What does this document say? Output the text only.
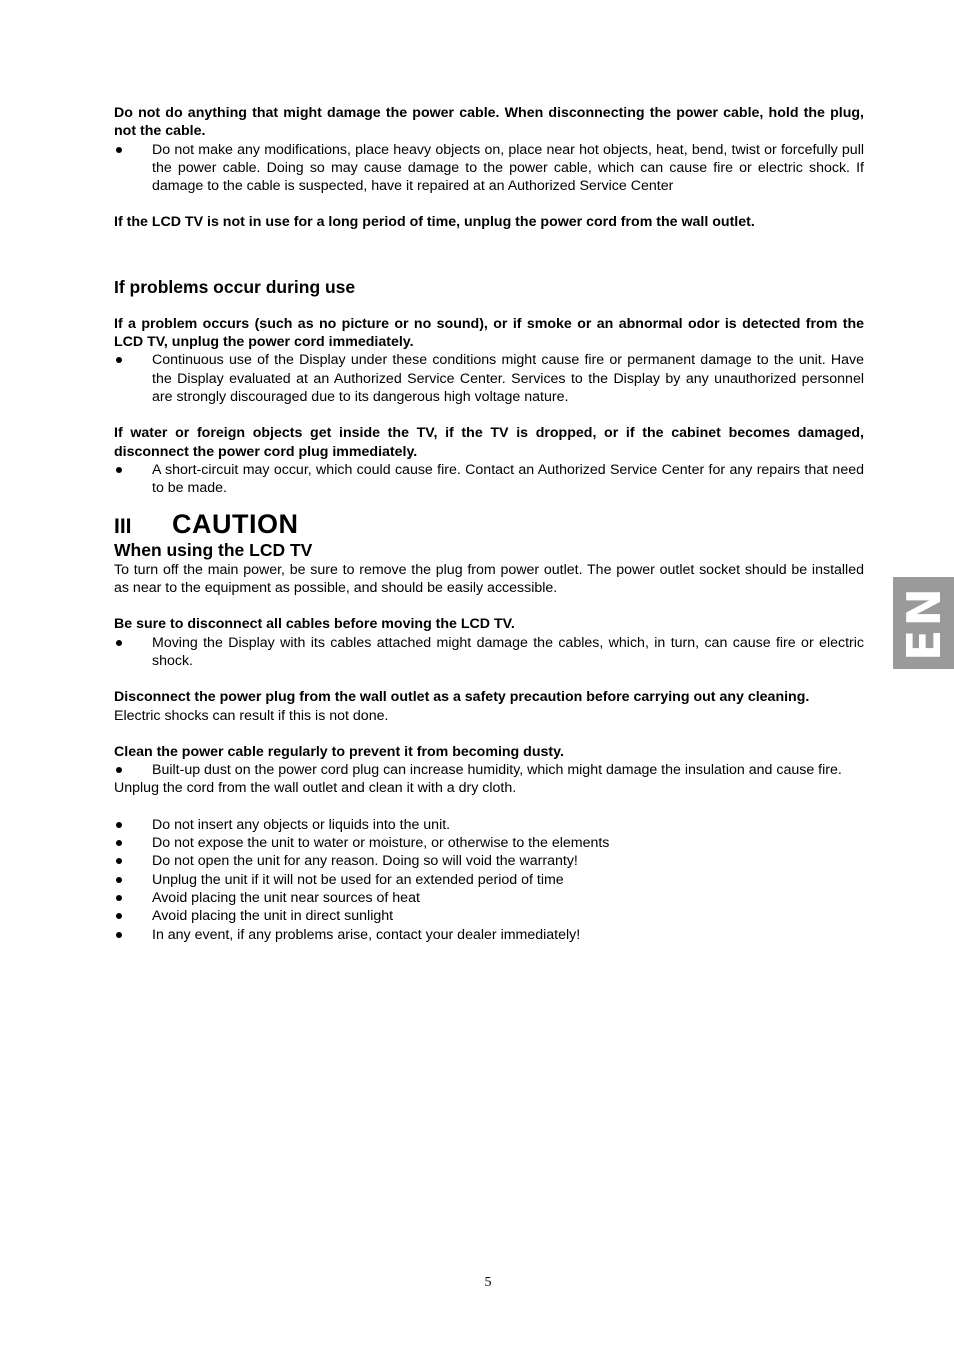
Do not do anything that might damage the power cable. When disconnecting the power cable, hold the plug, not the cable.

Do not make any modifications, place heavy objects on, place near hot objects, heat, bend, twist or forcefully pull the power cable. Doing so may cause damage to the power cable, which can cause fire or electric shock. If damage to the cable is suspected, have it repaired at an Authorized Service Center

If the LCD TV is not in use for a long period of time, unplug the power cord from the wall outlet.

If problems occur during use

If a problem occurs (such as no picture or no sound), or if smoke or an abnormal odor is detected from the LCD TV, unplug the power cord immediately.

Continuous use of the Display under these conditions might cause fire or permanent damage to the unit. Have the Display evaluated at an Authorized Service Center. Services to the Display by any unauthorized personnel are strongly discouraged due to its dangerous high voltage nature.

If water or foreign objects get inside the TV, if the TV is dropped, or if the cabinet becomes damaged, disconnect the power cord plug immediately.

A short-circuit may occur, which could cause fire. Contact an Authorized Service Center for any repairs that need to be made.
III	CAUTION
When using the LCD TV

To turn off the main power, be sure to remove the plug from power outlet. The power outlet socket should be installed as near to the equipment as possible, and should be easily accessible.

Be sure to disconnect all cables before moving the LCD TV.

Moving the Display with its cables attached might damage the cables, which, in turn, can cause fire or electric shock.

Disconnect the power plug from the wall outlet as a safety precaution before carrying out any cleaning.

Electric shocks can result if this is not done.

Clean the power cable regularly to prevent it from becoming dusty.

Built-up dust on the power cord plug can increase humidity, which might damage the insulation and cause fire.

Unplug the cord from the wall outlet and clean it with a dry cloth.

Do not insert any objects or liquids into the unit.
Do not expose the unit to water or moisture, or otherwise to the elements
Do not open the unit for any reason. Doing so will void the warranty!
Unplug the unit if it will not be used for an extended period of time
Avoid placing the unit near sources of heat
Avoid placing the unit in direct sunlight
In any event, if any problems arise, contact your dealer immediately!
EN
5
